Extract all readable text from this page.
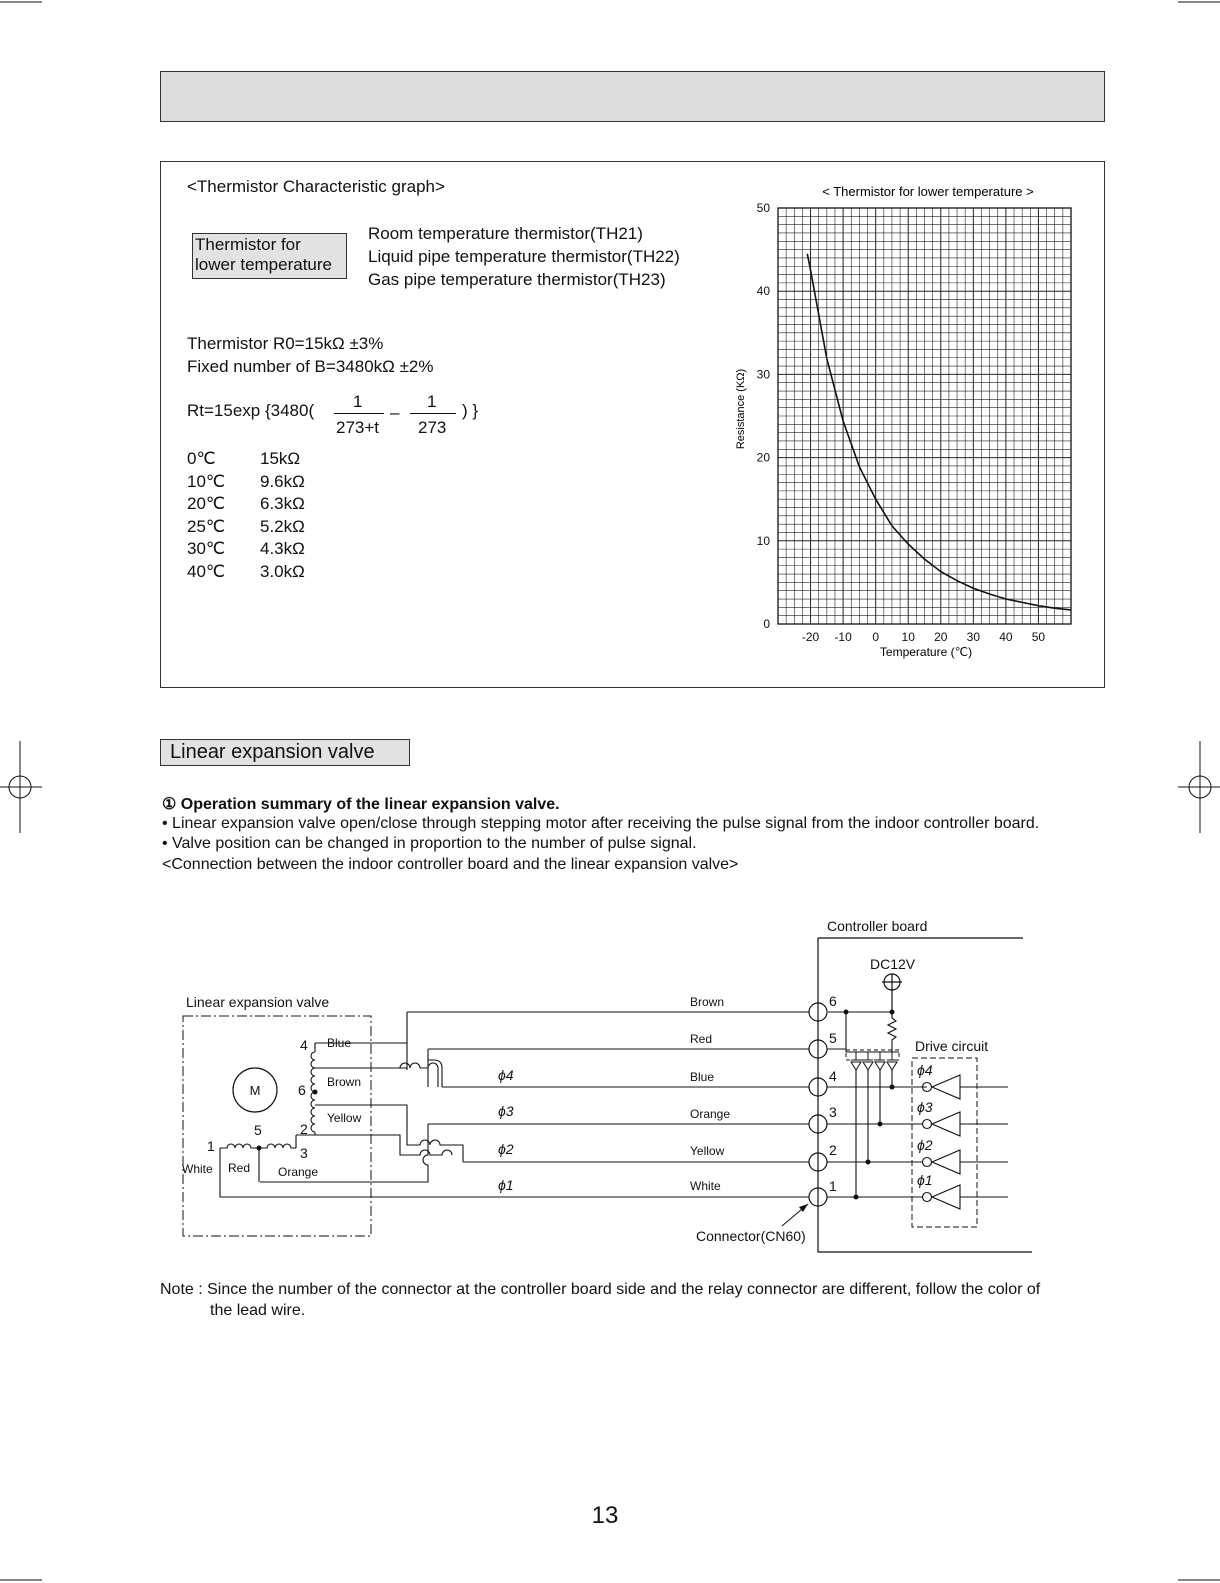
<Thermistor Characteristic graph>
Thermistor for
lower temperature
Room temperature thermistor(TH21)
Liquid pipe temperature thermistor(TH22)
Gas pipe temperature thermistor(TH23)
Thermistor R0=15kΩ ±3%
Fixed number of B=3480kΩ ±2%
Rt=15exp {3480( 1
273+t
–
1
273
) }
0℃	15kΩ
10℃ 9.6kΩ
20℃ 6.3kΩ
25℃ 5.2kΩ
30℃ 4.3kΩ
40℃ 3.0kΩ
< Thermistor for lower temperature >
0
10
20
30
40
50
-20 -10 0 10 20 30 40 50
Resistance (KΩ)
Temperature (℃)
Linear expansion valve
① Operation summary of the linear expansion valve.
• Linear expansion valve open/close through stepping motor after receiving the pulse signal from the indoor controller board.
• Valve position can be changed in proportion to the number of pulse signal.
<Connection between the indoor controller board and the linear expansion valve>
Controller board
DC12V
Drive circuit
ϕ4
ϕ3
ϕ2
ϕ1
6
5
4
3
2
1
Connector(CN60)
Brown
Red
Blue
Orange
Yellow
White
ϕ4
ϕ3
ϕ2
ϕ1
Linear expansion valve
M
4 Blue
6 Brown
2
Yellow
1
5
3
White Red Orange
Note : Since the number of the connector at the controller board side and the relay connector are different, follow the color of
the lead wire.
13
